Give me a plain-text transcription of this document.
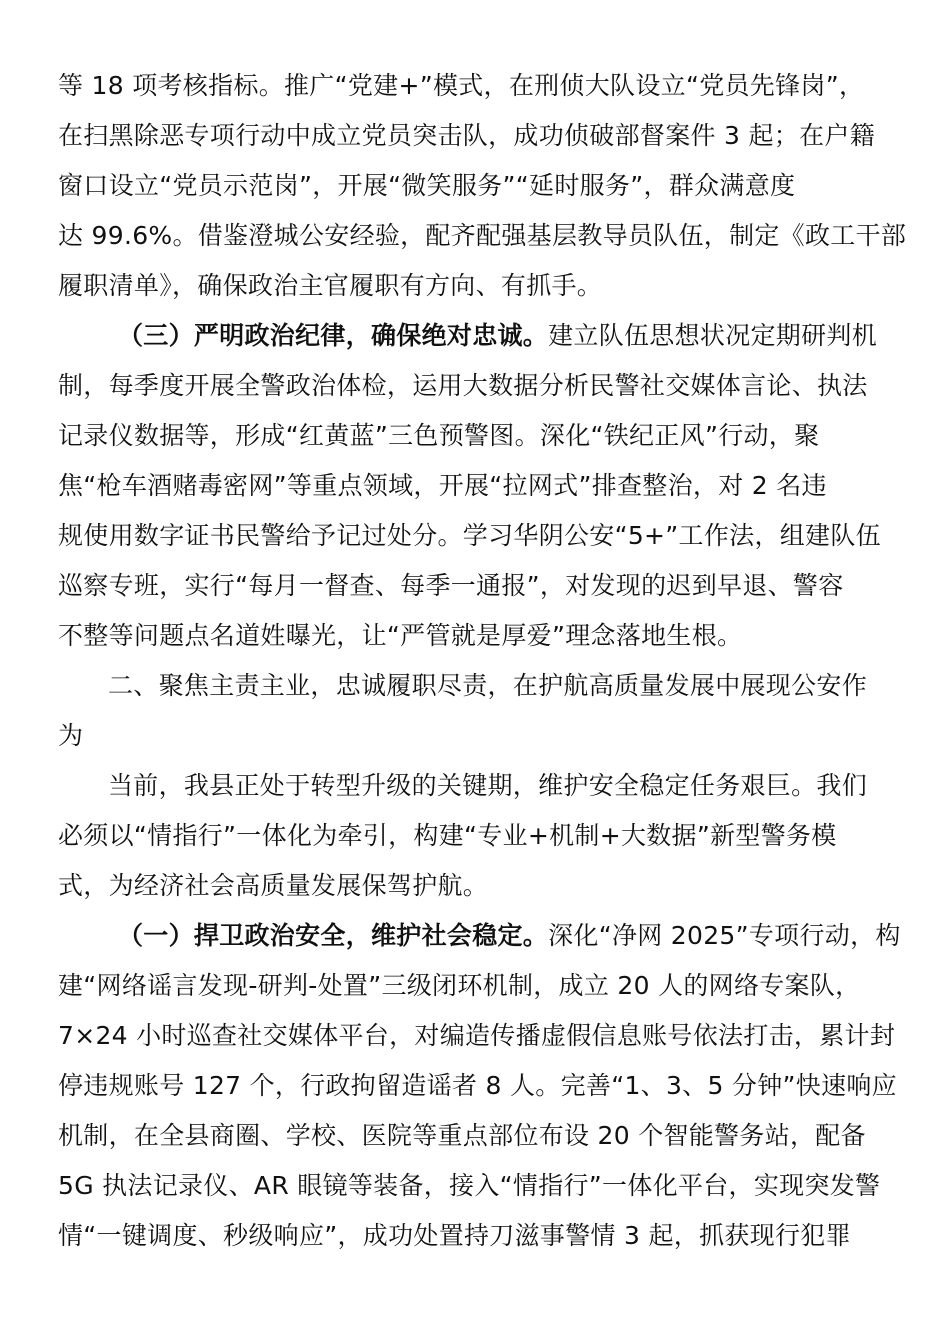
等 18 项考核指标。推广“党建+”模式，在刑侦大队设立“党员先锋岗”，
在扫黑除恶专项行动中成立党员突击队，成功侦破部督案件 3 起；在户籍
窗口设立“党员示范岗”，开展“微笑服务”“延时服务”，群众满意度
达 99.6%。借鉴澄城公安经验，配齐配强基层教导员队伍，制定《政工干部
履职清单》，确保政治主官履职有方向、有抓手。
（三）严明政治纪律，确保绝对忠诚。建立队伍思想状况定期研判机
制，每季度开展全警政治体检，运用大数据分析民警社交媒体言论、执法
记录仪数据等，形成“红黄蓝”三色预警图。深化“铁纪正风”行动，聚
焦“枪车酒赌毒密网”等重点领域，开展“拉网式”排查整治，对 2 名违
规使用数字证书民警给予记过处分。学习华阴公安“5+”工作法，组建队伍
巡察专班，实行“每月一督查、每季一通报”，对发现的迟到早退、警容
不整等问题点名道姓曝光，让“严管就是厚爱”理念落地生根。
二、聚焦主责主业，忠诚履职尽责，在护航高质量发展中展现公安作
为
当前，我县正处于转型升级的关键期，维护安全稳定任务艰巨。我们
必须以“情指行”一体化为牵引，构建“专业+机制+大数据”新型警务模
式，为经济社会高质量发展保驾护航。
（一）捍卫政治安全，维护社会稳定。深化“净网 2025”专项行动，构
建“网络谣言发现-研判-处置”三级闭环机制，成立 20 人的网络专案队，
7×24 小时巡查社交媒体平台，对编造传播虚假信息账号依法打击，累计封
停违规账号 127 个，行政拘留造谣者 8 人。完善“1、3、5 分钟”快速响应
机制，在全县商圈、学校、医院等重点部位布设 20 个智能警务站，配备
5G 执法记录仪、AR 眼镜等装备，接入“情指行”一体化平台，实现突发警
情“一键调度、秒级响应”，成功处置持刀滋事警情 3 起，抓获现行犯罪
